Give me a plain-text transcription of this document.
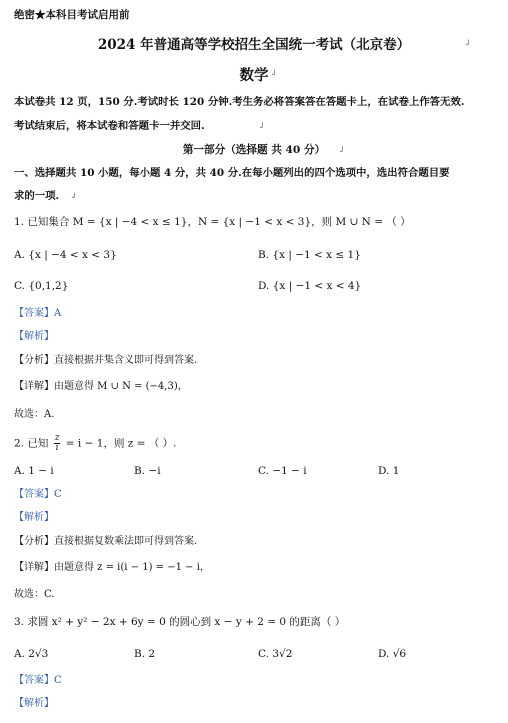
绝密★本科目考试启用前
2024 年普通高等学校招生全国统一考试（北京卷）
数学
本试卷共 12 页，150 分.考试时长 120 分钟.考生务必将答案答在答题卡上，在试卷上作答无效.
考试结束后，将本试卷和答题卡一并交回.
第一部分（选择题 共 40 分）
一、选择题共 10 小题，每小题 4 分，共 40 分.在每小题列出的四个选项中，选出符合题目要
求的一项.
1. 已知集合 M = {x | −4 < x ≤ 1}，N = {x | −1 < x < 3}，则 M ∪ N = （ ）
A. {x | −4 < x < 3}	B. {x | −1 < x ≤ 1}
C. {0,1,2}	D. {x | −1 < x < 4}
【答案】A
【解析】
【分析】直接根据并集含义即可得到答案.
【详解】由题意得 M ∪ N = (−4,3)，
故选：A.
2. 已知 $\frac{z}{i} = i - 1$，则 z = （ ）.
A. 1 − i	B. −i	C. −1 − i	D. 1
【答案】C
【解析】
【分析】直接根据复数乘法即可得到答案.
【详解】由题意得 z = i(i − 1) = −1 − i，
故选：C.
3. 求圆 x² + y² − 2x + 6y = 0 的圆心到 x − y + 2 = 0 的距离（ ）
A. 2√3	B. 2	C. 3√2	D. √6
【答案】C
【解析】
┘
┘
┘
┘
┘
